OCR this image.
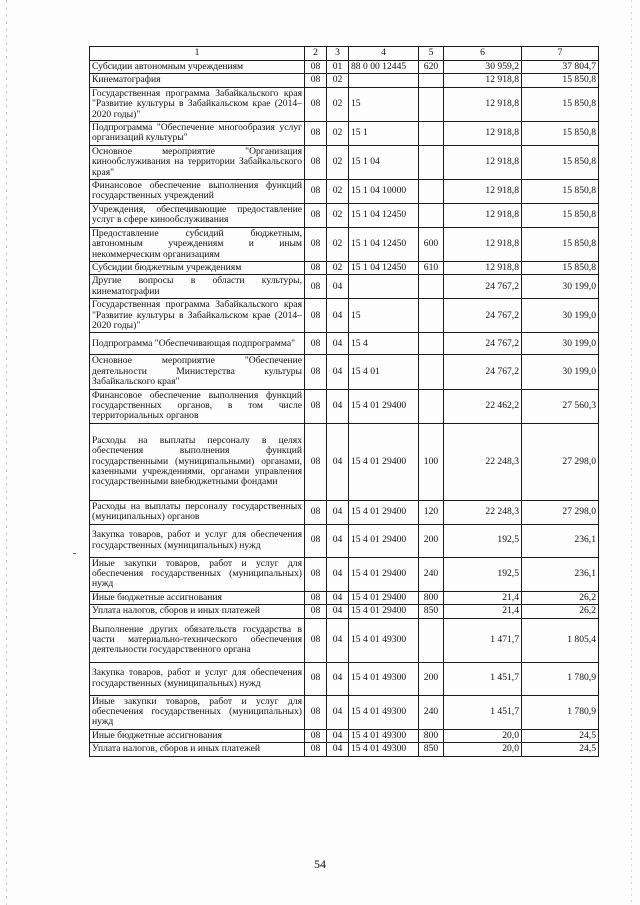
1	2	3	4	5	6	7
Субсидии автономным учреждениям	08	01	88 0 00 12445	620	30 959,2	37 804,7
Кинематография	08	02			12 918,8	15 850,8
Государственная программа Забайкальского края "Развитие культуры в Забайкальском крае (2014–2020 годы)"	08	02	15		12 918,8	15 850,8
Подпрограмма "Обеспечение многообразия услуг организаций культуры"	08	02	15 1		12 918,8	15 850,8
Основное мероприятие "Организация кинообслуживания на территории Забайкальского края"	08	02	15 1 04		12 918,8	15 850,8
Финансовое обеспечение выполнения функций государственных учреждений	08	02	15 1 04 10000		12 918,8	15 850,8
Учреждения, обеспечивающие предоставление услуг в сфере кинообслуживания	08	02	15 1 04 12450		12 918,8	15 850,8
Предоставление субсидий бюджетным, автономным учреждениям и иным некоммерческим организациям	08	02	15 1 04 12450	600	12 918,8	15 850,8
Субсидии бюджетным учреждениям	08	02	15 1 04 12450	610	12 918,8	15 850,8
Другие вопросы в области культуры, кинематографии	08	04			24 767,2	30 199,0
Государственная программа Забайкальского края "Развитие культуры в Забайкальском крае (2014–2020 годы)"	08	04	15		24 767,2	30 199,0
Подпрограмма "Обеспечивающая подпрограмма"	08	04	15 4		24 767,2	30 199,0
Основное мероприятие "Обеспечение деятельности Министерства культуры Забайкальского края"	08	04	15 4 01		24 767,2	30 199,0
Финансовое обеспечение выполнения функций государственных органов, в том числе территориальных органов	08	04	15 4 01 29400		22 462,2	27 560,3
Расходы на выплаты персоналу в целях обеспечения выполнения функций государственными (муниципальными) органами, казенными учреждениями, органами управления государственными внебюджетными фондами	08	04	15 4 01 29400	100	22 248,3	27 298,0
Расходы на выплаты персоналу государственных (муниципальных) органов	08	04	15 4 01 29400	120	22 248,3	27 298,0
Закупка товаров, работ и услуг для обеспечения государственных (муниципальных) нужд	08	04	15 4 01 29400	200	192,5	236,1
Иные закупки товаров, работ и услуг для обеспечения государственных (муниципальных) нужд	08	04	15 4 01 29400	240	192,5	236,1
Иные бюджетные ассигнования	08	04	15 4 01 29400	800	21,4	26,2
Уплата налогов, сборов и иных платежей	08	04	15 4 01 29400	850	21,4	26,2
Выполнение других обязательств государства в части материально-технического обеспечения деятельности государственного органа	08	04	15 4 01 49300		1 471,7	1 805,4
Закупка товаров, работ и услуг для обеспечения государственных (муниципальных) нужд	08	04	15 4 01 49300	200	1 451,7	1 780,9
Иные закупки товаров, работ и услуг для обеспечения государственных (муниципальных) нужд	08	04	15 4 01 49300	240	1 451,7	1 780,9
Иные бюджетные ассигнования	08	04	15 4 01 49300	800	20,0	24,5
Уплата налогов, сборов и иных платежей	08	04	15 4 01 49300	850	20,0	24,5
54
